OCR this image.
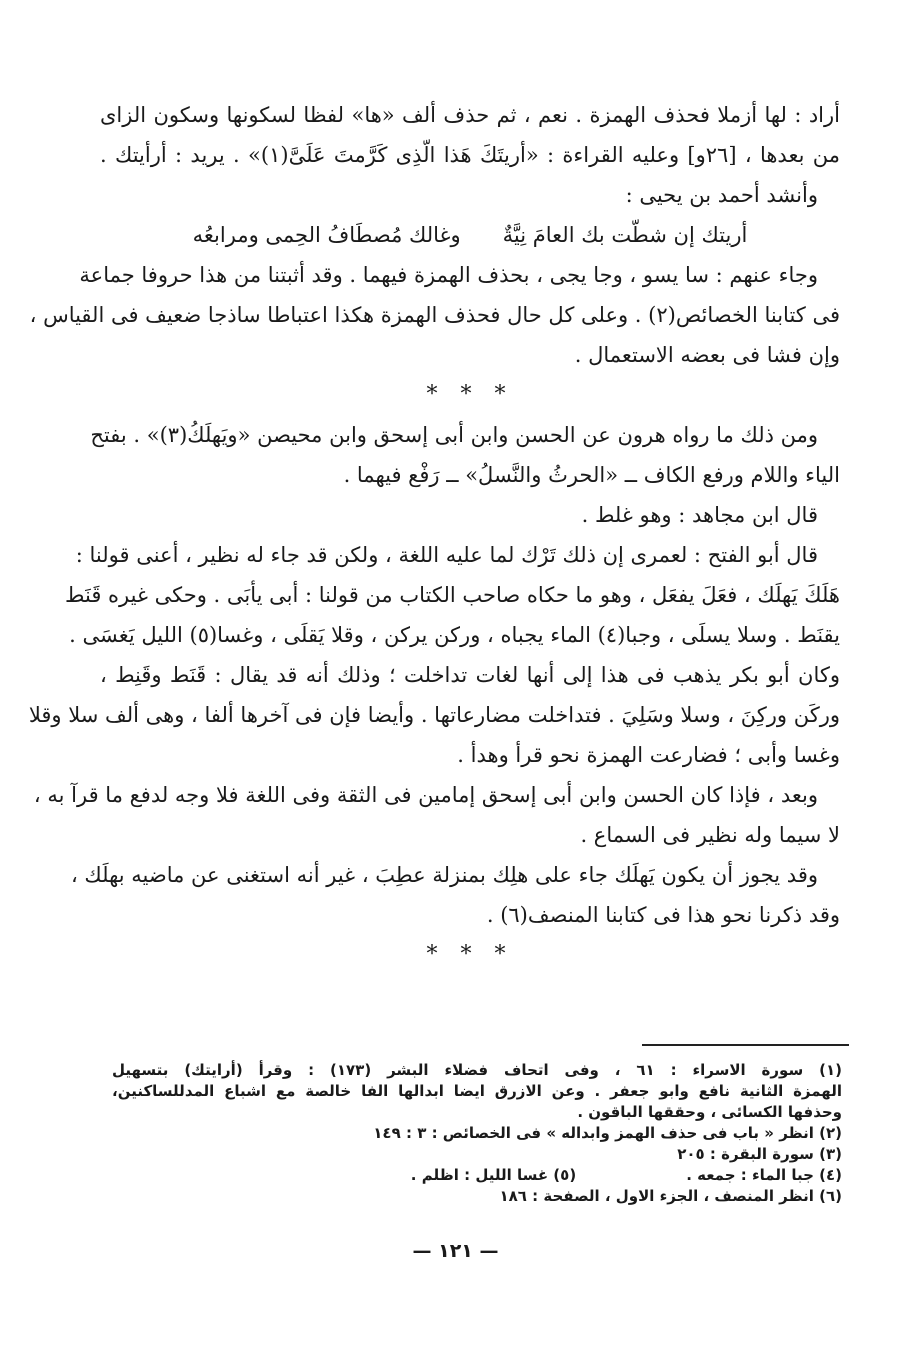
أراد : لها أزملا فحذف الهمزة . نعم ، ثم حذف ألف «ها» لفظا لسكونها وسكون الزاى
من بعدها ، [٢٦و] وعليه القراءة : «أريتَكَ هَذا الّذِى كَرَّمتَ عَلَىَّ(١)» . يريد : أرأيتك .
وأنشد أحمد بن يحيى :
أريتك إن شطّت بك العامَ نِيَّةٌ
وغالك مُصطَافُ الحِمى ومرابعُه
وجاء عنهم : سا يسو ، وجا يجى ، بحذف الهمزة فيهما . وقد أثبتنا من هذا حروفا جماعة
فى كتابنا الخصائص(٢) . وعلى كل حال فحذف الهمزة هكذا اعتباطا ساذجا ضعيف فى القياس ،
وإن فشا فى بعضه الاستعمال .
* * *
ومن ذلك ما رواه هرون عن الحسن وابن أبى إسحق وابن محيصن «ويَهلَكُ(٣)» . بفتح
الياء واللام ورفع الكاف ــ «الحرثُ والنَّسلُ» ــ رَفْع فيهما .
قال ابن مجاهد : وهو غلط .
قال أبو الفتح : لعمرى إن ذلك تَرْك لما عليه اللغة ، ولكن قد جاء له نظير ، أعنى قولنا :
هَلَكَ يَهلَك ، فعَلَ يفعَل ، وهو ما حكاه صاحب الكتاب من قولنا : أبى يأبَى . وحكى غيره قَنَط
يقنَط . وسلا يسلَى ، وجبا(٤) الماء يجباه ، وركن يركن ، وقلا يَقلَى ، وغسا(٥) الليل يَغسَى .
وكان أبو بكر يذهب فى هذا إلى أنها لغات تداخلت ؛ وذلك أنه قد يقال : قَنَط وقَنِط ،
وركَن وركِنَ ، وسلا وسَلِيَ . فتداخلت مضارعاتها . وأيضا فإن فى آخرها ألفا ، وهى ألف سلا وقلا
وغسا وأبى ؛ فضارعت الهمزة نحو قرأ وهدأ .
وبعد ، فإذا كان الحسن وابن أبى إسحق إمامين فى الثقة وفى اللغة فلا وجه لدفع ما قرآ به ،
لا سيما وله نظير فى السماع .
وقد يجوز أن يكون يَهلَك جاء على هلِك بمنزلة عطِبَ ، غير أنه استغنى عن ماضيه بهلَك ،
وقد ذكرنا نحو هذا فى كتابنا المنصف(٦) .
* * *
(١) سورة الاسراء : ٦١ ، وفى اتحاف فضلاء البشر (١٧٣) : وقرأ (أرايتك) بتسهيل
الهمزة الثانية نافع وابو جعفر . وعن الازرق ايضا ابدالها الفا خالصة مع اشباع المدللساكنين،
وحذفها الكسائى ، وحققها الباقون .
(٢) انظر « باب فى حذف الهمز وابداله » فى الخصائص : ٣ : ١٤٩
(٣) سورة البقرة : ٢٠٥
(٤) جبا الماء : جمعه .
(٥) غسا الليل : اظلم .
(٦) انظر المنصف ، الجزء الاول ، الصفحة : ١٨٦
— ١٢١ —
